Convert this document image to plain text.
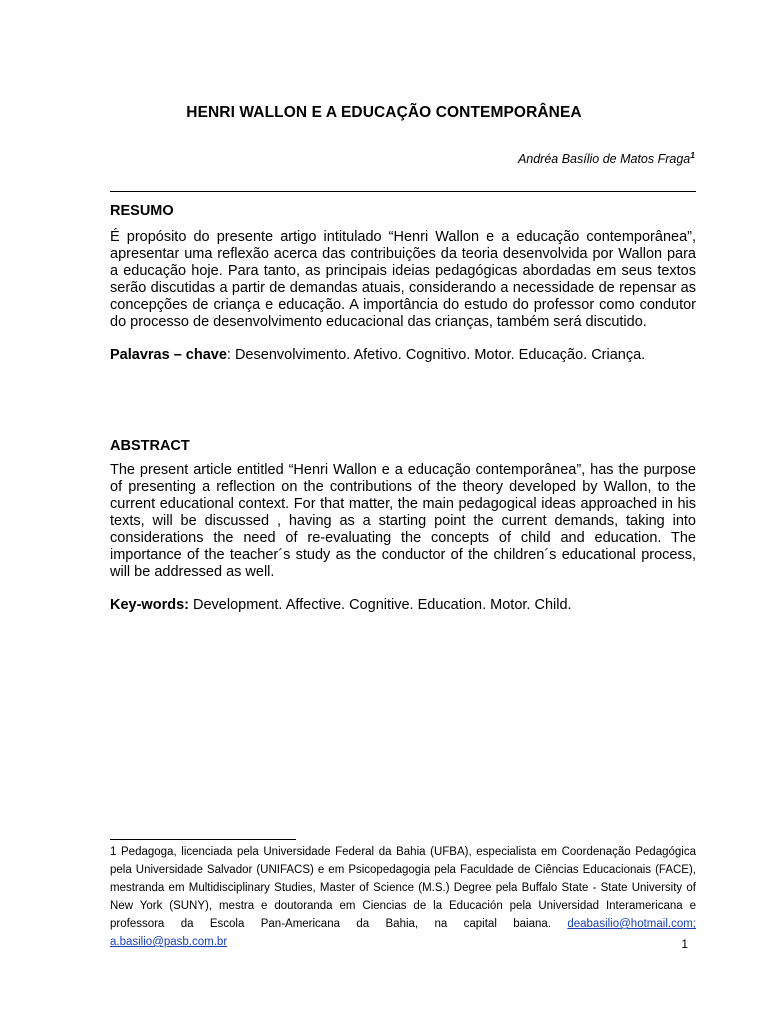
HENRI WALLON E A EDUCAÇÃO CONTEMPORÂNEA
Andréa Basílio de Matos Fraga$^1$
RESUMO
É propósito do presente artigo intitulado “Henri Wallon e a educação contemporânea”, apresentar uma reflexão acerca das contribuições da teoria desenvolvida por Wallon para a educação hoje. Para tanto, as principais ideias pedagógicas abordadas em seus textos serão discutidas a partir de demandas atuais, considerando a necessidade de repensar as concepções de criança e educação. A importância do estudo do professor como condutor do processo de desenvolvimento educacional das crianças, também será discutido.
Palavras – chave: Desenvolvimento. Afetivo. Cognitivo. Motor. Educação. Criança.
ABSTRACT
The present article entitled “Henri Wallon e a educação contemporânea”, has the purpose of presenting a reflection on the contributions of the theory developed by Wallon, to the current educational context. For that matter, the main pedagogical ideas approached in his texts, will be discussed , having as a starting point the current demands, taking into considerations the need of re-evaluating the concepts of child and education. The importance of the teacher´s study as the conductor of the children´s educational process, will be addressed as well.
Key-words: Development. Affective. Cognitive. Education. Motor. Child.
1 Pedagoga, licenciada pela Universidade Federal da Bahia (UFBA), especialista em Coordenação Pedagógica pela Universidade Salvador (UNIFACS) e em Psicopedagogia pela Faculdade de Ciências Educacionais (FACE), mestranda em Multidisciplinary Studies, Master of Science (M.S.) Degree pela Buffalo State - State University of New York (SUNY), mestra e doutoranda em Ciencias de la Educación pela Universidad Interamericana e professora da Escola Pan-Americana da Bahia, na capital baiana. deabasilio@hotmail.com; a.basilio@pasb.com.br	1
